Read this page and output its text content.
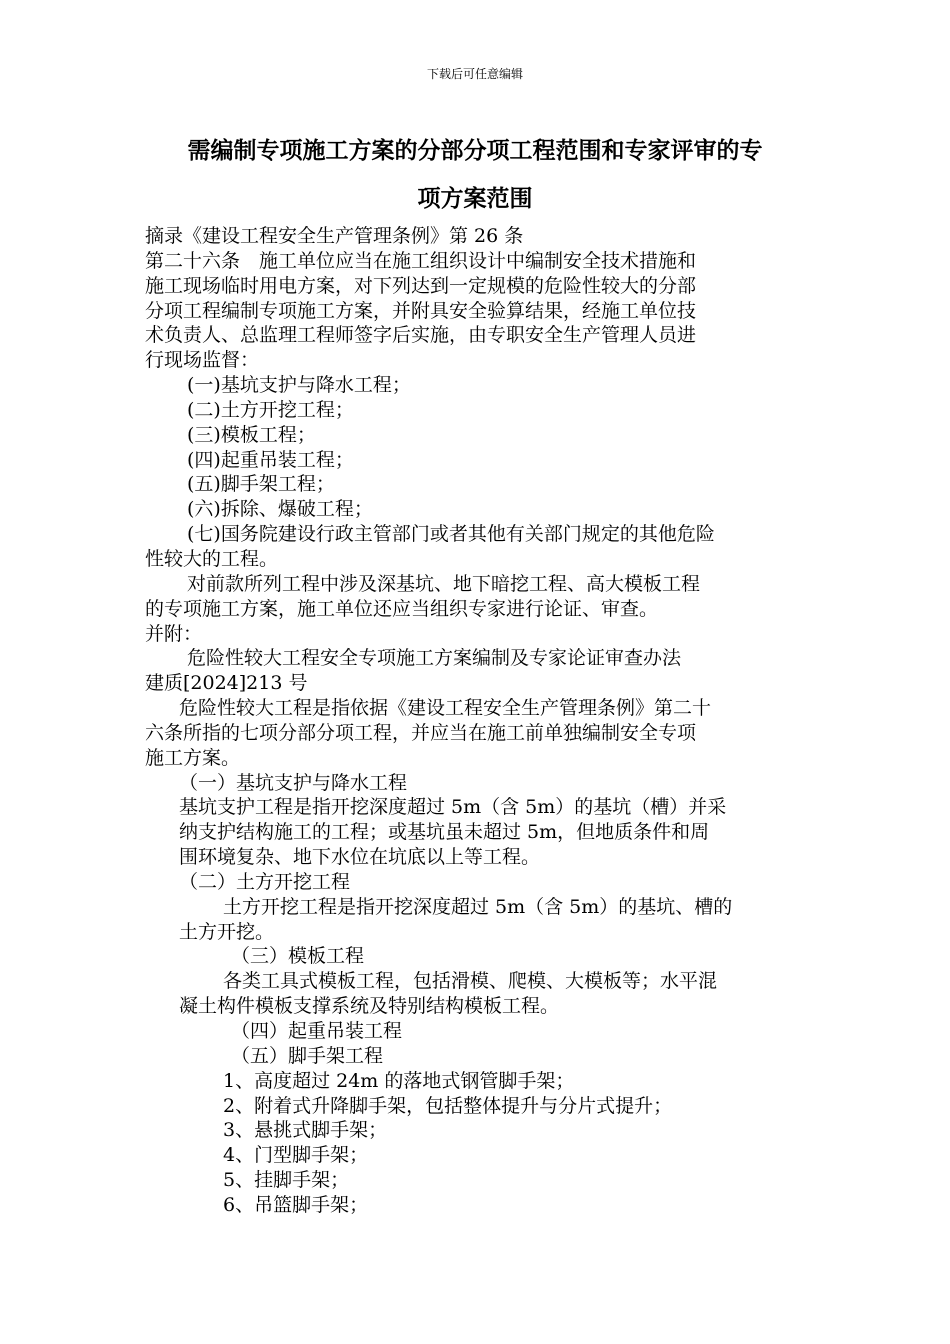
下载后可任意编辑
需编制专项施工方案的分部分项工程范围和专家评审的专
项方案范围

摘录《建设工程安全生产管理条例》第 26 条

第二十六条　施工单位应当在施工组织设计中编制安全技术措施和

施工现场临时用电方案，对下列达到一定规模的危险性较大的分部

分项工程编制专项施工方案，并附具安全验算结果，经施工单位技

术负责人、总监理工程师签字后实施，由专职安全生产管理人员进

行现场监督：

(一)基坑支护与降水工程；

(二)土方开挖工程；

(三)模板工程；

(四)起重吊装工程；

(五)脚手架工程；

(六)拆除、爆破工程；

(七)国务院建设行政主管部门或者其他有关部门规定的其他危险

性较大的工程。

对前款所列工程中涉及深基坑、地下暗挖工程、高大模板工程

的专项施工方案，施工单位还应当组织专家进行论证、审查。

并附：

危险性较大工程安全专项施工方案编制及专家论证审查办法

建质[2024]213 号

危险性较大工程是指依据《建设工程安全生产管理条例》第二十

六条所指的七项分部分项工程，并应当在施工前单独编制安全专项

施工方案。

（一）基坑支护与降水工程

基坑支护工程是指开挖深度超过 5m（含 5m）的基坑（槽）并采

纳支护结构施工的工程；或基坑虽未超过 5m，但地质条件和周

围环境复杂、地下水位在坑底以上等工程。

（二）土方开挖工程

土方开挖工程是指开挖深度超过 5m（含 5m）的基坑、槽的

土方开挖。

（三）模板工程

各类工具式模板工程，包括滑模、爬模、大模板等；水平混

凝土构件模板支撑系统及特别结构模板工程。

（四）起重吊装工程

（五）脚手架工程

1、高度超过 24m 的落地式钢管脚手架；

2、附着式升降脚手架，包括整体提升与分片式提升；

3、悬挑式脚手架；

4、门型脚手架；

5、挂脚手架；

6、吊篮脚手架；
